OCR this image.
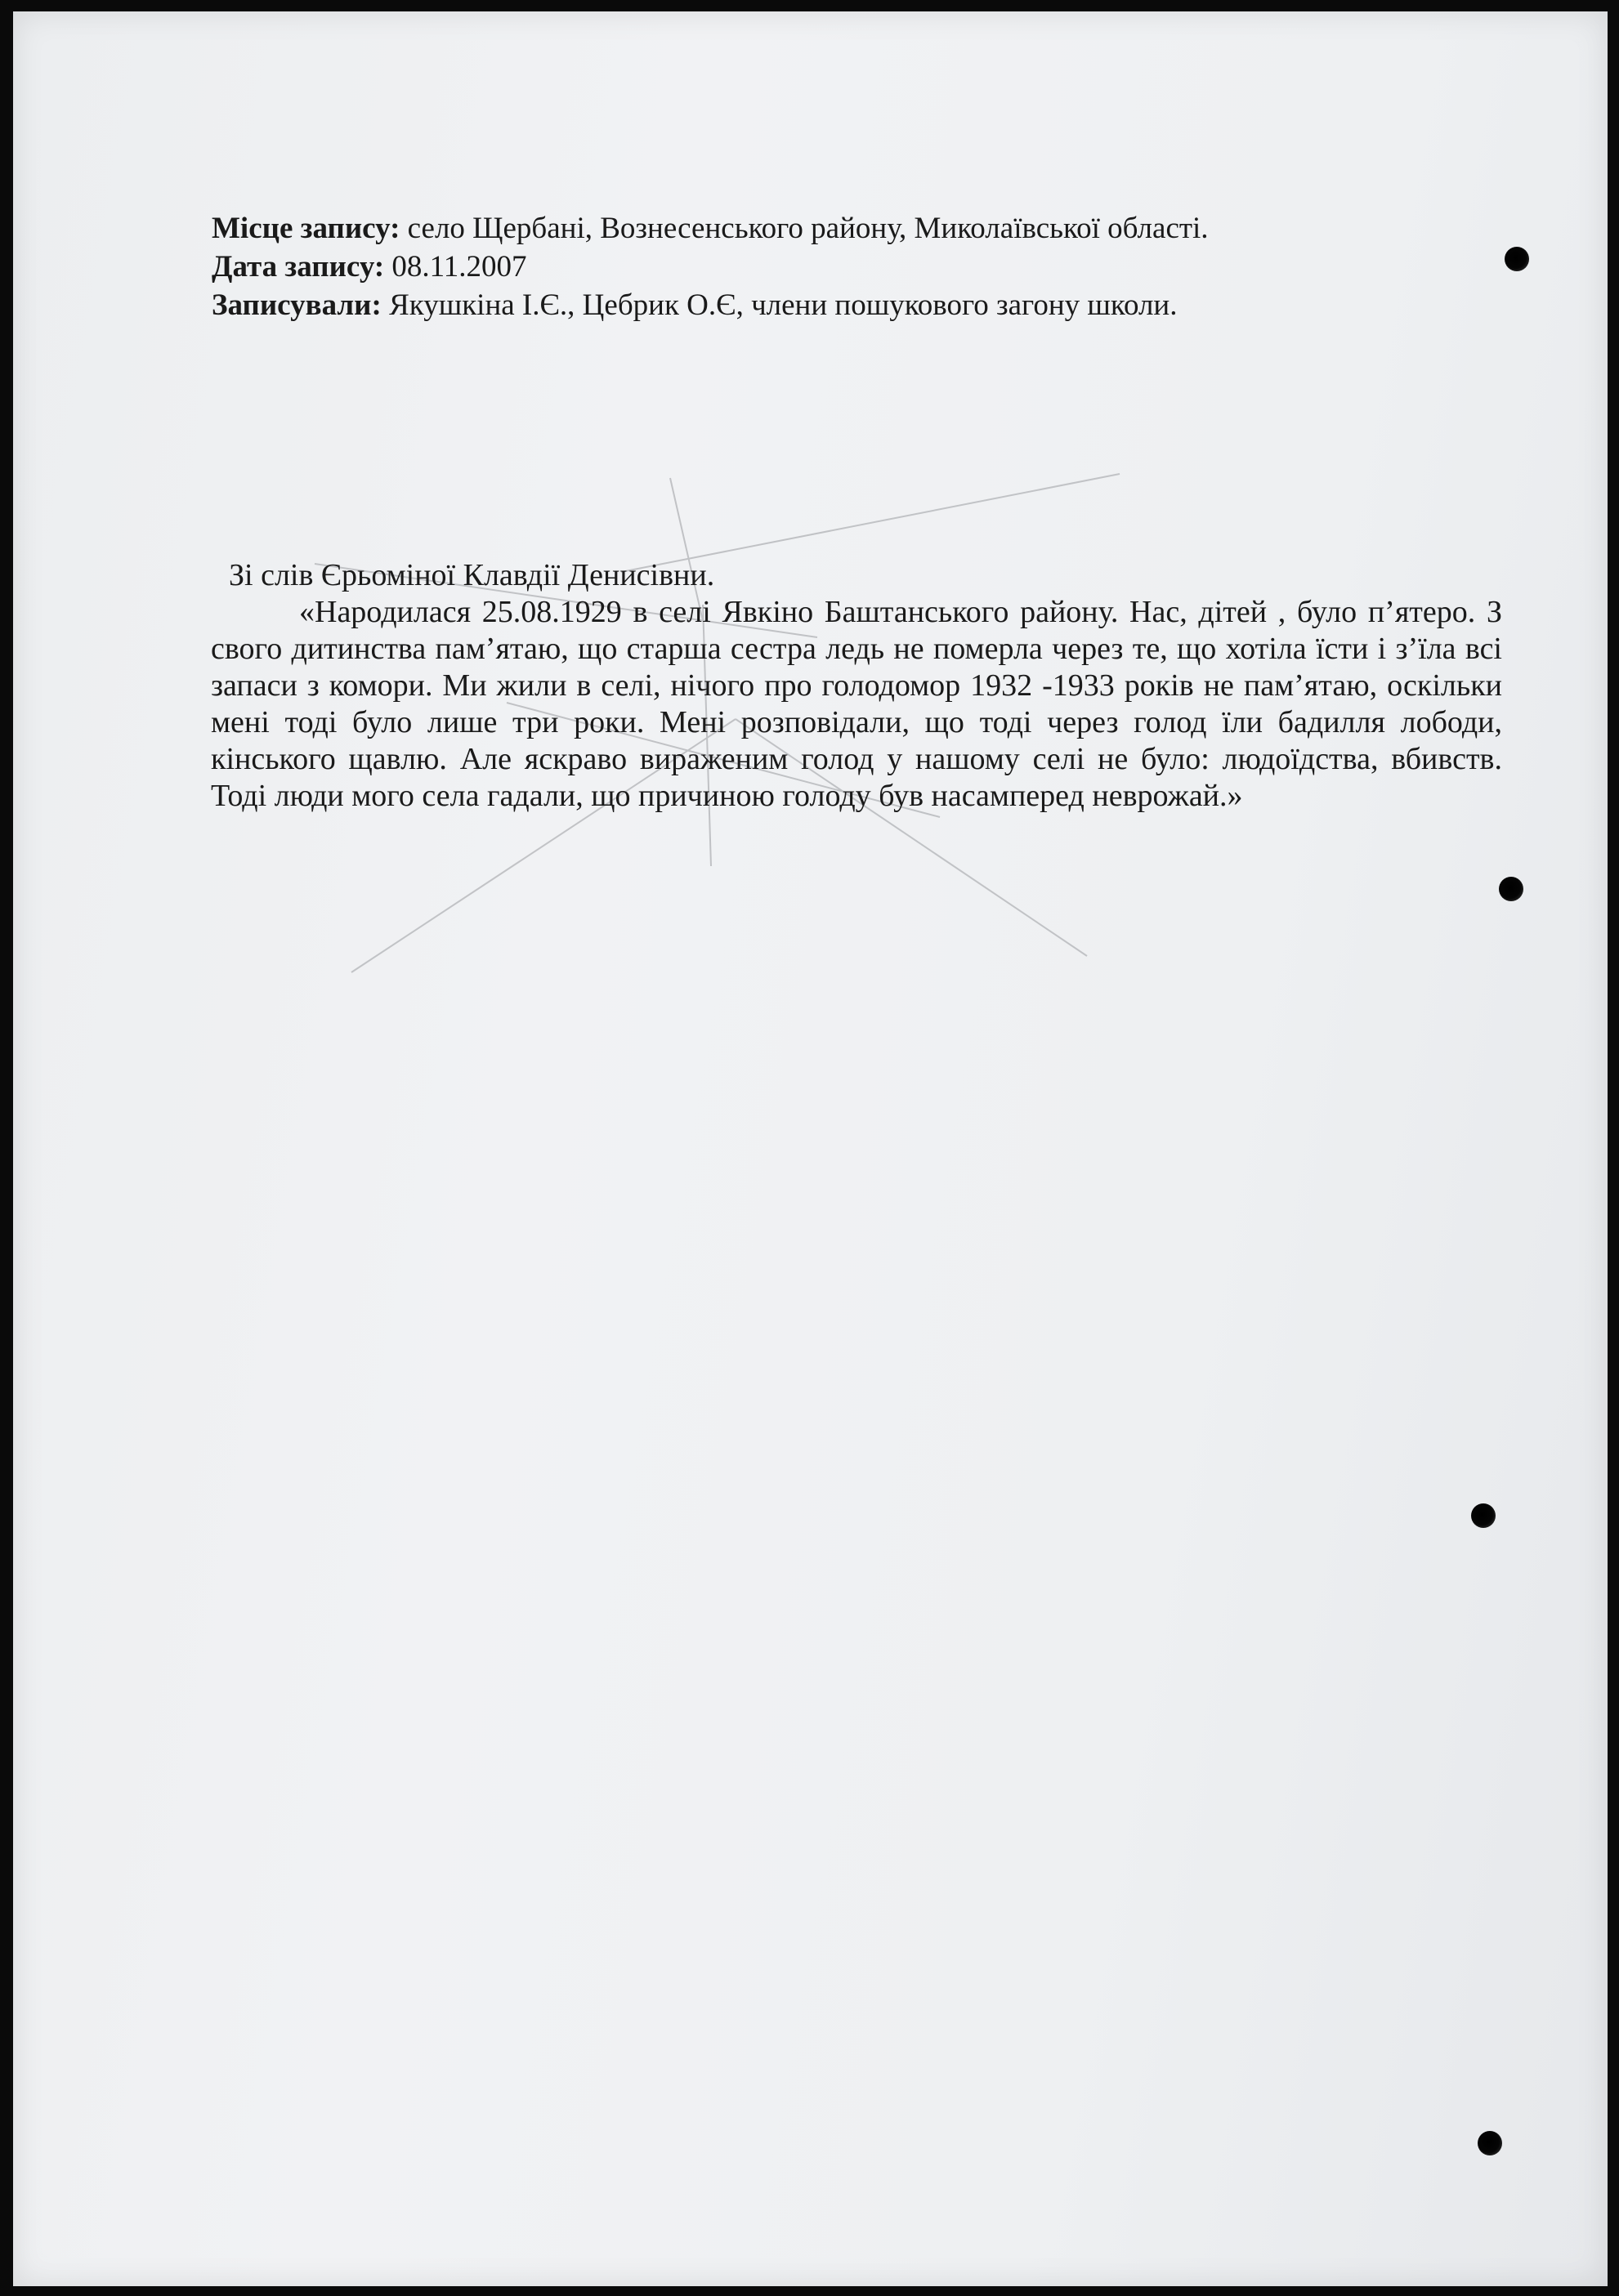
Місце запису: село Щербані, Вознесенського району, Миколаївської області.
Дата запису: 08.11.2007
Записували: Якушкіна І.Є., Цебрик О.Є, члени пошукового загону школи.
Зі слів Єрьоміної Клавдії Денисівни.
«Народилася 25.08.1929 в селі Явкіно Баштанського району. Нас, дітей , було п’ятеро. З свого дитинства пам’ятаю, що старша сестра ледь не померла через те, що хотіла їсти і з’їла всі запаси з комори. Ми жили в селі, нічого про голодомор 1932 -1933 років не пам’ятаю, оскільки мені тоді було лише три роки. Мені розповідали, що тоді через голод їли бадилля лободи, кінського щавлю. Але яскраво вираженим голод у нашому селі не було: людоїдства, вбивств. Тоді люди мого села гадали, що причиною голоду був насамперед неврожай.»
